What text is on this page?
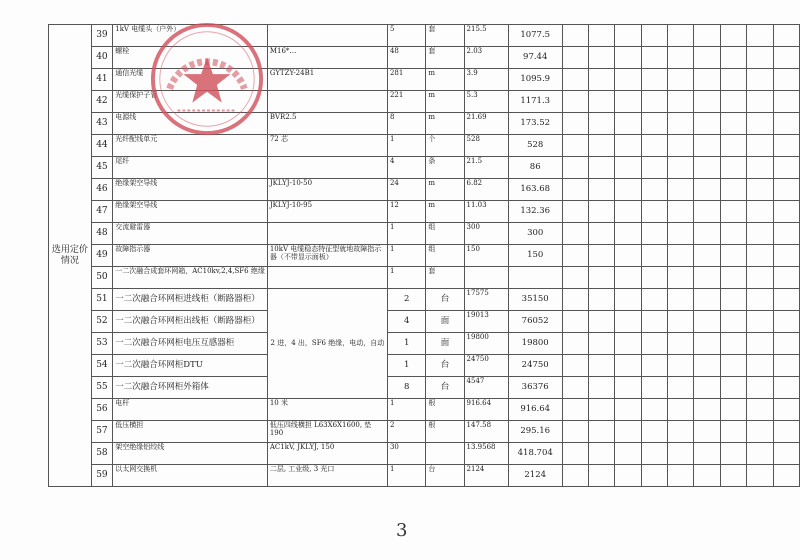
选用定价情况	39	1kV 电缆头（户外）		5	套	215.5	1077.5									
	40	螺栓	M16*…	48	套	2.03	97.44									
	41	通信光缆	GYTZY-24B1	281	m	3.9	1095.9									
	42	光缆保护子管		221	m	5.3	1171.3									
	43	电源线	BVR2.5	8	m	21.69	173.52									
	44	光纤配线单元	72 芯	1	个	528	528									
	45	尾纤		4	条	21.5	86									
	46	绝缘架空导线	JKLYJ-10-50	24	m	6.82	163.68									
	47	绝缘架空导线	JKLYJ-10-95	12	m	11.03	132.36									
	48	交流避雷器		1	组	300	300									
	49	故障指示器	10kV 电缆稳态特征型就地故障指示器（不带显示面板）	1	组	150	150									
	50	一二次融合成套环网箱，AC10kv,2,4,SF6 绝缘		1	套											
	51	一二次融合环网柜进线柜（断路器柜）	2 进，4 出，SF6 绝缘，电动，自动	2	台	17575	35150									
	52	一二次融合环网柜出线柜（断路器柜）		4	面	19013	76052									
	53	一二次融合环网柜电压互感器柜		1	面	19800	19800									
	54	一二次融合环网柜DTU		1	台	24750	24750									
	55	一二次融合环网柜外箱体		8	台	4547	36376									
	56	电杆	10 米	1	根	916.64	916.64									
	57	低压横担	低压四线横担 L63X6X1600, 垫 190	2	根	147.58	295.16									
	58	架空绝缘铝绞线	AC1kV, JKLYJ, 150	30		13.9568	418.704									
	59	以太网交换机	二层, 工业级, 3 光口	1	台	2124	2124									
3
